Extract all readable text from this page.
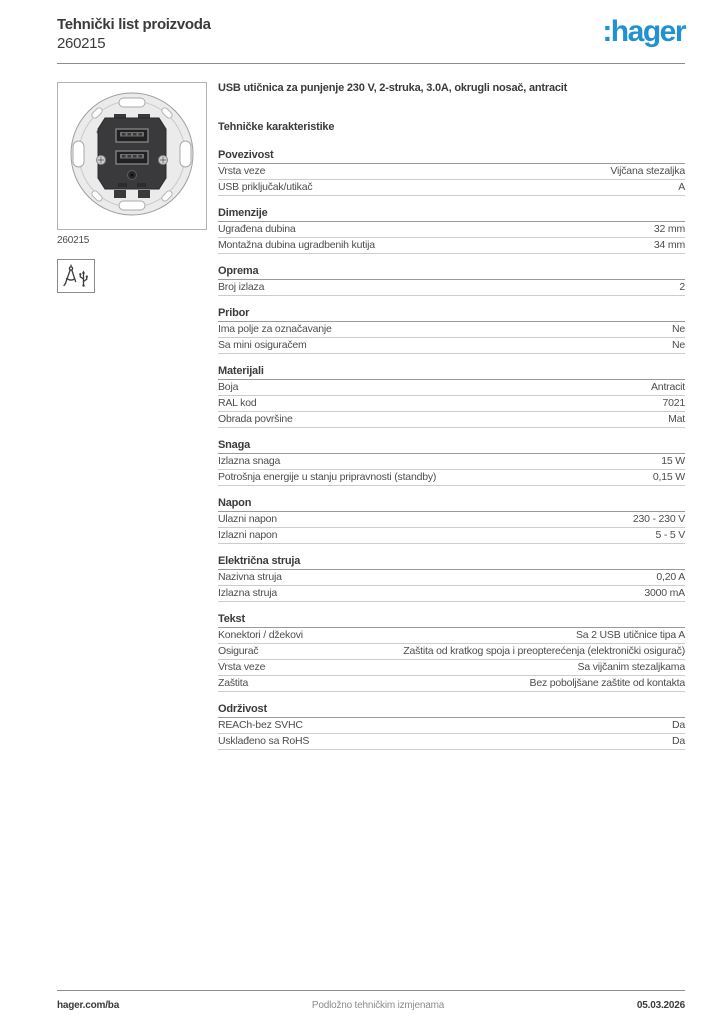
Tehnički list proizvoda
260215	:hager
260215
USB utičnica za punjenje 230 V, 2-struka, 3.0A, okrugli nosač, antracit
Tehničke karakteristike
Povezivost
Vrsta veze	Vijčana stezaljka
USB priključak/utikač	A
Dimenzije
Ugrađena dubina	32 mm
Montažna dubina ugradbenih kutija	34 mm
Oprema
Broj izlaza	2
Pribor
Ima polje za označavanje	Ne
Sa mini osiguračem	Ne
Materijali
Boja	Antracit
RAL kod	7021
Obrada površine	Mat
Snaga
Izlazna snaga	15 W
Potrošnja energije u stanju pripravnosti (standby)	0,15 W
Napon
Ulazni napon	230 - 230 V
Izlazni napon	5 - 5 V
Električna struja
Nazivna struja	0,20 A
Izlazna struja	3000 mA
Tekst
Konektori / džekovi	Sa 2 USB utičnice tipa A
Osigurač	Zaštita od kratkog spoja i preopterećenja (elektronički osigurač)
Vrsta veze	Sa vijčanim stezaljkama
Zaštita	Bez poboljšane zaštite od kontakta
Održivost
REACh-bez SVHC	Da
Usklađeno sa RoHS	Da
hager.com/ba	Podložno tehničkim izmjenama	05.03.2026
